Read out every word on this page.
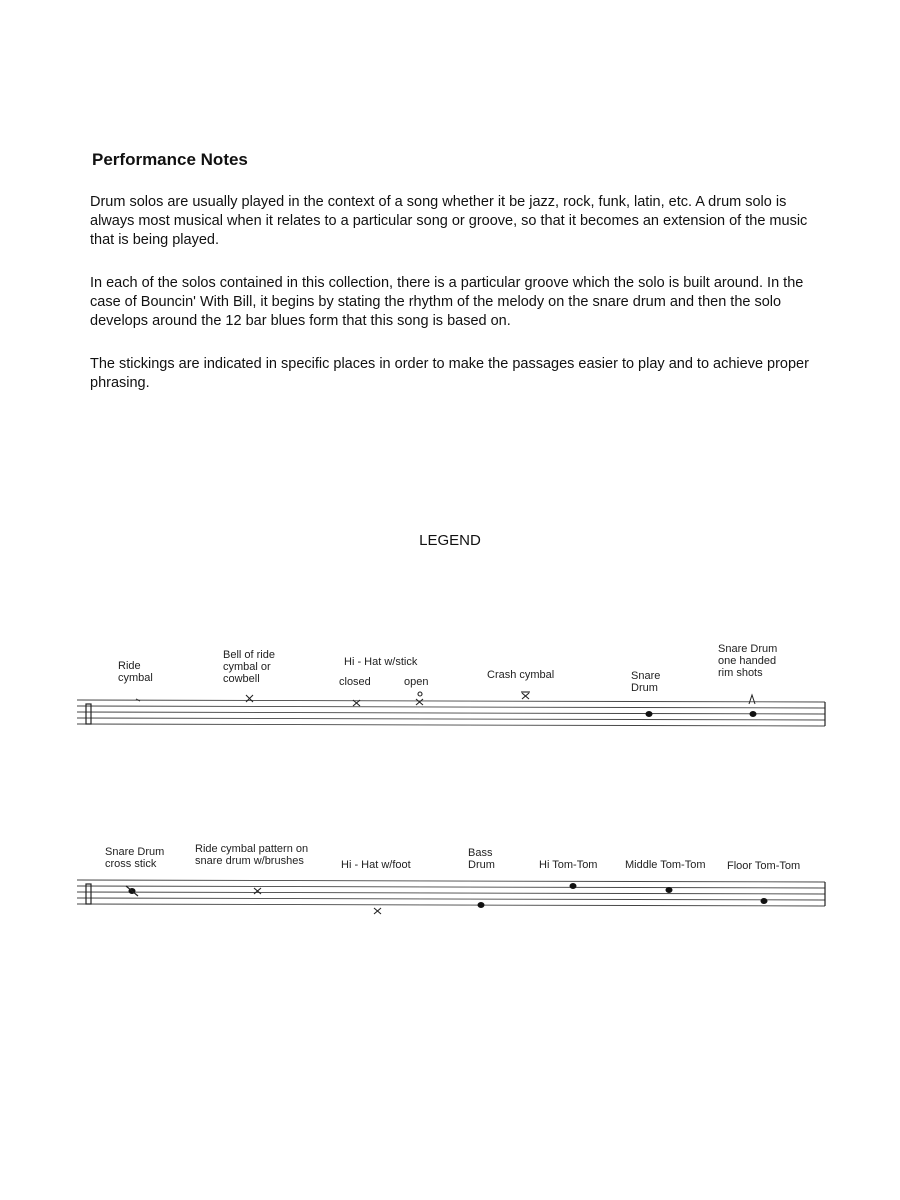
Performance Notes

Drum solos are usually played in the context of a song whether it be jazz, rock, funk, latin, etc. A drum solo is always most musical when it relates to a particular song or groove, so that it becomes an extension of the music that is being played.

In each of the solos contained in this collection, there is a particular groove which the solo is built around. In the case of Bouncin' With Bill, it begins by stating the rhythm of the melody on the snare drum and then the solo develops around the 12 bar blues form that this song is based on.

The stickings are indicated in specific places in order to make the passages easier to play and to achieve proper phrasing.

LEGEND
Ride
cymbal
Bell of ride
cymbal or
cowbell
Hi - Hat w/stick
closed	open
Crash cymbal	Snare
Drum
Snare Drum
one handed
rim shots
Snare Drum
cross stick
Ride cymbal pattern on
snare drum w/brushes	Hi - Hat w/foot
Bass
Drum	Hi Tom-Tom	Middle Tom-Tom Floor Tom-Tom
